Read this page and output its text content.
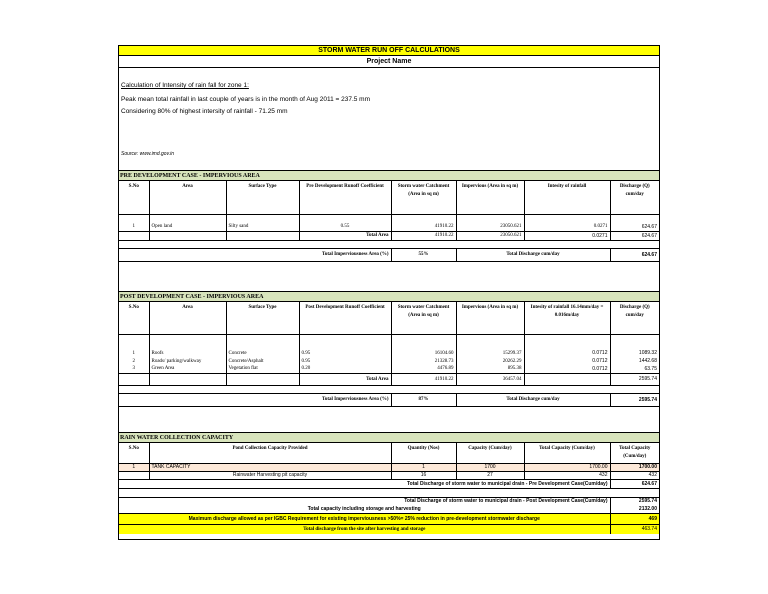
STORM WATER RUN OFF CALCULATIONS
Project Name
Calculation of Intensity of rain fall for zone 1:
Peak mean total rainfall in last couple of years is in the month of Aug 2011 = 237.5 mm
Considering 80% of highest intersity of rainfall - 71.25 mm
Source: www.imd.gov.in
PRE DEVELOPMENT CASE - IMPERVIOUS AREA
S.No	Area	Surface Type	Pre Development Runoff Coefficient	Storm water Catchment (Area in sq m)	Impervious (Area in sq m)	Intesity of rainfall	Discharge (Q) cum/day

1	Open land	Silty sand	0.55	41910.22	23050.621	0.0271	624.67
			Total Area	41910.22	23050.621	0.0271	624.67

Total Imperviousness Area (%)				55%	Total Discharge cum/day		624.67
POST DEVELOPMENT CASE - IMPERVIOUS AREA
S.No	Area	Surface Type	Post Development Runoff Coefficient	Storm water Catchment (Area in sq m)	Impervious (Area in sq m)	Intesity of rainfall 16.14mm/day = 0.016m/day	Discharge (Q) cum/day

1	Roofs	Concrete	0.95	16104.60	15299.37	0.0712	1089.32
2	Roads/ parking/walkway	Concrete/Asphalt	0.95	21328.73	20262.29	0.0712	1442.68
3	Green Area	Vegetation flat	0.20	4476.89	895.38	0.0712	63.75
			Total Area	41910.22	36457.04		2595.74

Total Imperviousness Area (%)				87%	Total Discharge cum/day		2595.74
RAIN WATER COLLECTION CAPACITY
S.No	Pond Collection Capacity Provided	Quantity (Nos)	Capacity (Cum/day)	Total Capacity (Cum/day)	Total Capacity (Cum/day)
1	TANK CAPACITY	1	1700	1700.00	1700.00
	Rainwater Harvesting pit capacity	16	27	432	432
Total Discharge of storm water to municipal drain - Pre Development Case(Cum/day)					624.67

Total Discharge of storm water to municipal drain - Post Development Case(Cum/day)					2595.74
Total capacity including storage and harvesting					2132.00
Maximum discharge allowed as per IGBC Requirement for existing imperviousness >50%= 25% reduction in pre-development stormwater discharge					469
Total discharge from the site after harvesting and storage					463.74
